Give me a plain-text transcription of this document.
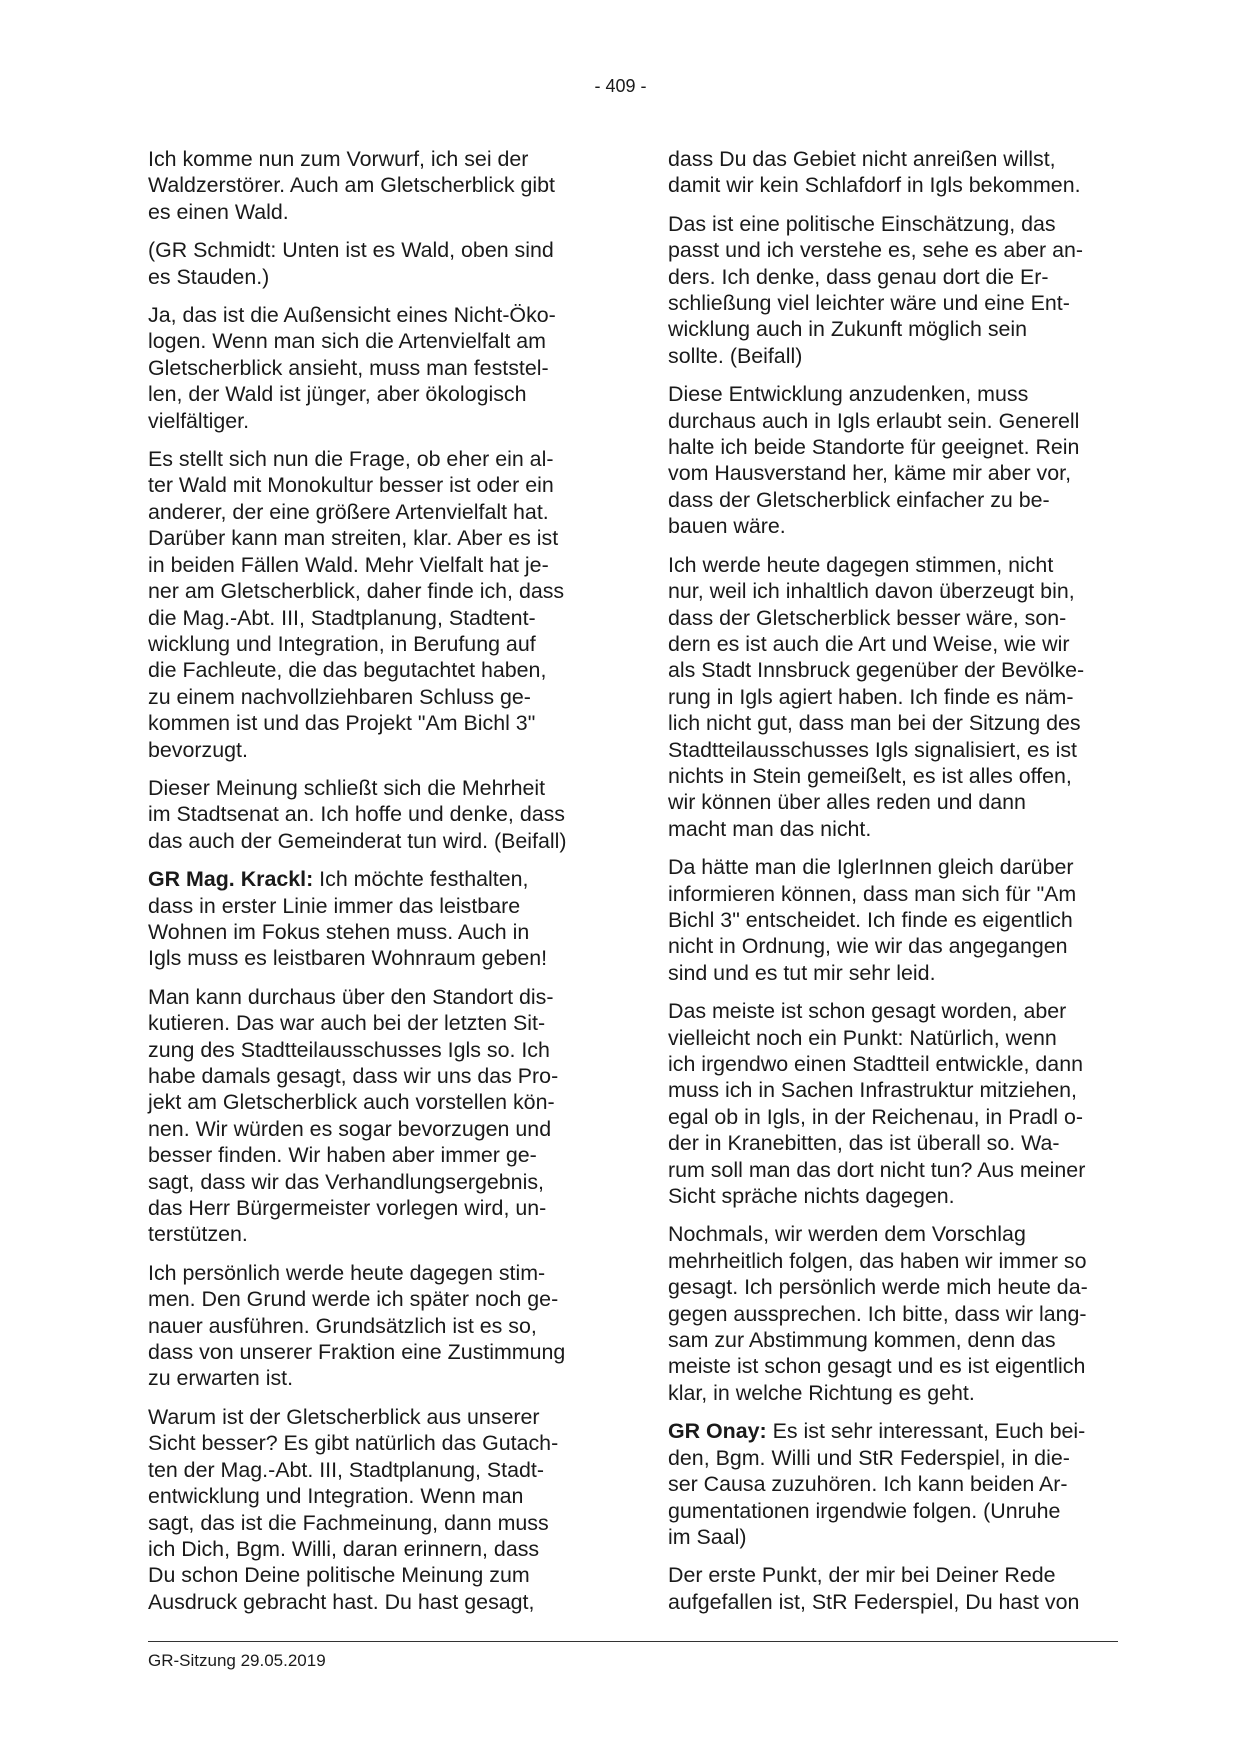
- 409 -

Ich komme nun zum Vorwurf, ich sei der
Waldzerstörer. Auch am Gletscherblick gibt
es einen Wald.

(GR Schmidt: Unten ist es Wald, oben sind
es Stauden.)

Ja, das ist die Außensicht eines Nicht-Öko-
logen. Wenn man sich die Artenvielfalt am
Gletscherblick ansieht, muss man feststel-
len, der Wald ist jünger, aber ökologisch
vielfältiger.

Es stellt sich nun die Frage, ob eher ein al-
ter Wald mit Monokultur besser ist oder ein
anderer, der eine größere Artenvielfalt hat.
Darüber kann man streiten, klar. Aber es ist
in beiden Fällen Wald. Mehr Vielfalt hat je-
ner am Gletscherblick, daher finde ich, dass
die Mag.-Abt. III, Stadtplanung, Stadtent-
wicklung und Integration, in Berufung auf
die Fachleute, die das begutachtet haben,
zu einem nachvollziehbaren Schluss ge-
kommen ist und das Projekt "Am Bichl 3"
bevorzugt.

Dieser Meinung schließt sich die Mehrheit
im Stadtsenat an. Ich hoffe und denke, dass
das auch der Gemeinderat tun wird. (Beifall)

GR Mag. Krackl: Ich möchte festhalten,
dass in erster Linie immer das leistbare
Wohnen im Fokus stehen muss. Auch in
Igls muss es leistbaren Wohnraum geben!

Man kann durchaus über den Standort dis-
kutieren. Das war auch bei der letzten Sit-
zung des Stadtteilausschusses Igls so. Ich
habe damals gesagt, dass wir uns das Pro-
jekt am Gletscherblick auch vorstellen kön-
nen. Wir würden es sogar bevorzugen und
besser finden. Wir haben aber immer ge-
sagt, dass wir das Verhandlungsergebnis,
das Herr Bürgermeister vorlegen wird, un-
terstützen.

Ich persönlich werde heute dagegen stim-
men. Den Grund werde ich später noch ge-
nauer ausführen. Grundsätzlich ist es so,
dass von unserer Fraktion eine Zustimmung
zu erwarten ist.

Warum ist der Gletscherblick aus unserer
Sicht besser? Es gibt natürlich das Gutach-
ten der Mag.-Abt. III, Stadtplanung, Stadt-
entwicklung und Integration. Wenn man
sagt, das ist die Fachmeinung, dann muss
ich Dich, Bgm. Willi, daran erinnern, dass
Du schon Deine politische Meinung zum
Ausdruck gebracht hast. Du hast gesagt,

dass Du das Gebiet nicht anreißen willst,
damit wir kein Schlafdorf in Igls bekommen.

Das ist eine politische Einschätzung, das
passt und ich verstehe es, sehe es aber an-
ders. Ich denke, dass genau dort die Er-
schließung viel leichter wäre und eine Ent-
wicklung auch in Zukunft möglich sein
sollte. (Beifall)

Diese Entwicklung anzudenken, muss
durchaus auch in Igls erlaubt sein. Generell
halte ich beide Standorte für geeignet. Rein
vom Hausverstand her, käme mir aber vor,
dass der Gletscherblick einfacher zu be-
bauen wäre.

Ich werde heute dagegen stimmen, nicht
nur, weil ich inhaltlich davon überzeugt bin,
dass der Gletscherblick besser wäre, son-
dern es ist auch die Art und Weise, wie wir
als Stadt Innsbruck gegenüber der Bevölke-
rung in Igls agiert haben. Ich finde es näm-
lich nicht gut, dass man bei der Sitzung des
Stadtteilausschusses Igls signalisiert, es ist
nichts in Stein gemeißelt, es ist alles offen,
wir können über alles reden und dann
macht man das nicht.

Da hätte man die IglerInnen gleich darüber
informieren können, dass man sich für "Am
Bichl 3" entscheidet. Ich finde es eigentlich
nicht in Ordnung, wie wir das angegangen
sind und es tut mir sehr leid.

Das meiste ist schon gesagt worden, aber
vielleicht noch ein Punkt: Natürlich, wenn
ich irgendwo einen Stadtteil entwickle, dann
muss ich in Sachen Infrastruktur mitziehen,
egal ob in Igls, in der Reichenau, in Pradl o-
der in Kranebitten, das ist überall so. Wa-
rum soll man das dort nicht tun? Aus meiner
Sicht spräche nichts dagegen.

Nochmals, wir werden dem Vorschlag
mehrheitlich folgen, das haben wir immer so
gesagt. Ich persönlich werde mich heute da-
gegen aussprechen. Ich bitte, dass wir lang-
sam zur Abstimmung kommen, denn das
meiste ist schon gesagt und es ist eigentlich
klar, in welche Richtung es geht.

GR Onay: Es ist sehr interessant, Euch bei-
den, Bgm. Willi und StR Federspiel, in die-
ser Causa zuzuhören. Ich kann beiden Ar-
gumentationen irgendwie folgen. (Unruhe
im Saal)

Der erste Punkt, der mir bei Deiner Rede
aufgefallen ist, StR Federspiel, Du hast von

GR-Sitzung 29.05.2019
